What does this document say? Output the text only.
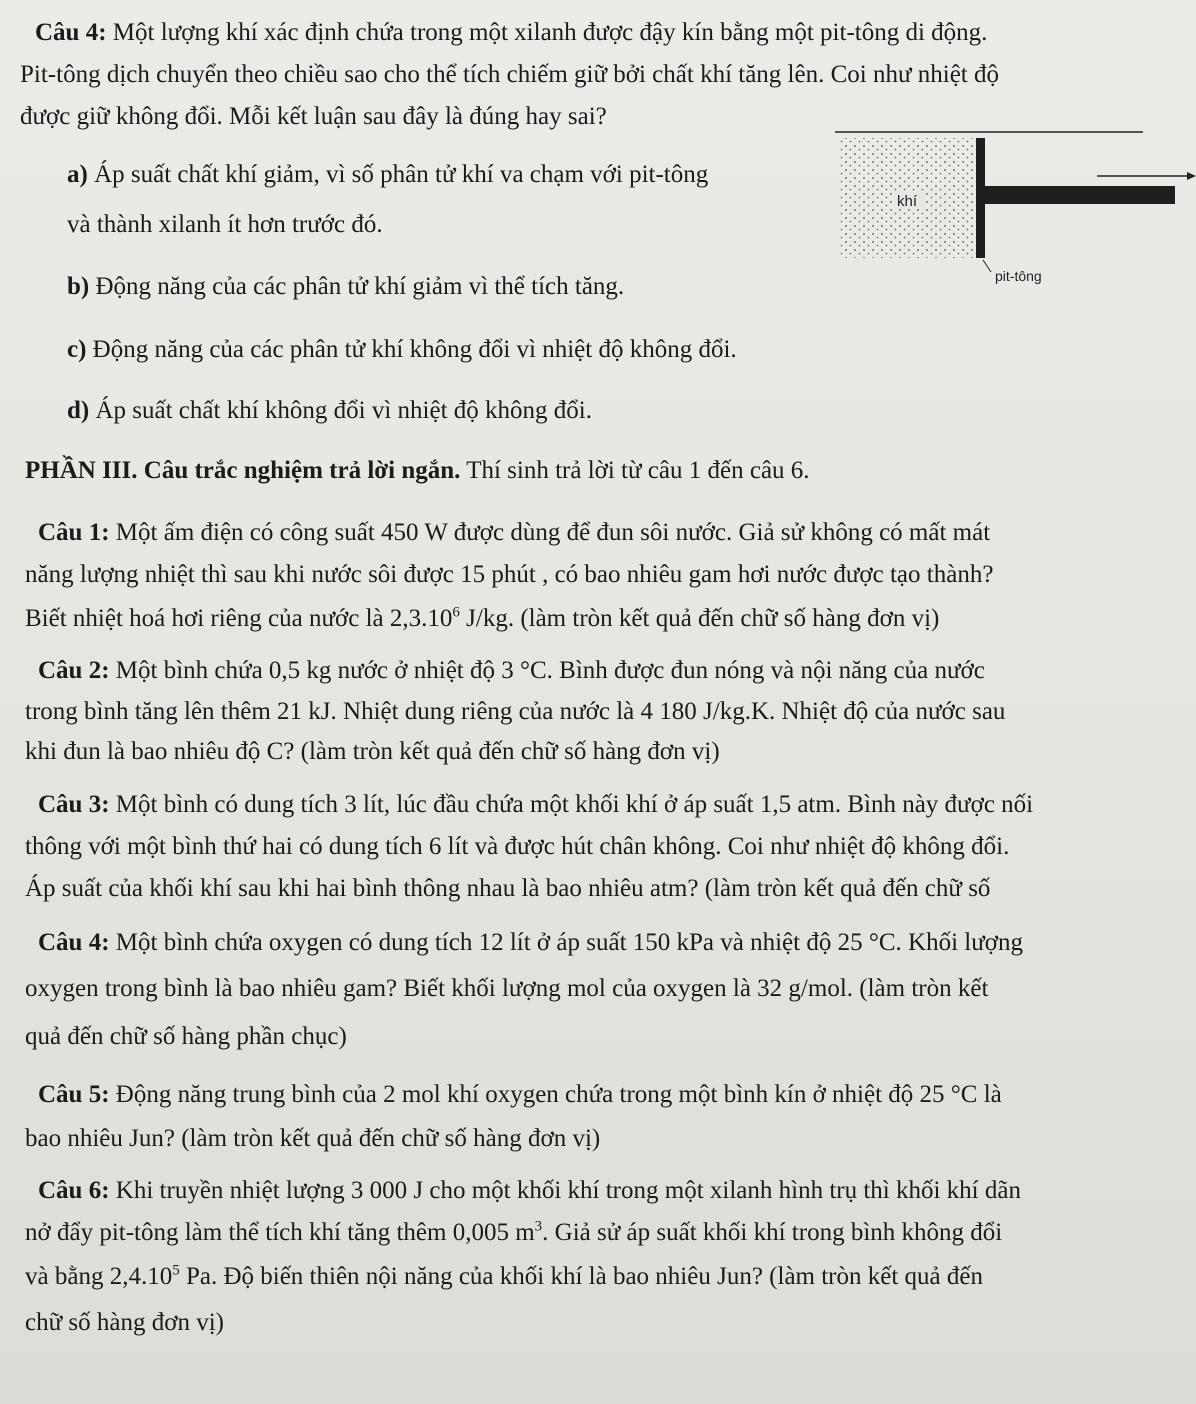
Câu 4: Một lượng khí xác định chứa trong một xilanh được đậy kín bằng một pit-tông di động.
Pit-tông dịch chuyển theo chiều sao cho thể tích chiếm giữ bởi chất khí tăng lên. Coi như nhiệt độ
được giữ không đổi. Mỗi kết luận sau đây là đúng hay sai?
a) Áp suất chất khí giảm, vì số phân tử khí va chạm với pit-tông
và thành xilanh ít hơn trước đó.
b) Động năng của các phân tử khí giảm vì thể tích tăng.
c) Động năng của các phân tử khí không đổi vì nhiệt độ không đổi.
d) Áp suất chất khí không đổi vì nhiệt độ không đổi.
khí
pit-tông
PHẦN III. Câu trắc nghiệm trả lời ngắn. Thí sinh trả lời từ câu 1 đến câu 6.
Câu 1: Một ấm điện có công suất 450 W được dùng để đun sôi nước. Giả sử không có mất mát
năng lượng nhiệt thì sau khi nước sôi được 15 phút , có bao nhiêu gam hơi nước được tạo thành?
Biết nhiệt hoá hơi riêng của nước là 2,3.10$^6$ J/kg. (làm tròn kết quả đến chữ số hàng đơn vị)
Câu 2: Một bình chứa 0,5 kg nước ở nhiệt độ 3 °C. Bình được đun nóng và nội năng của nước
trong bình tăng lên thêm 21 kJ. Nhiệt dung riêng của nước là 4 180 J/kg.K. Nhiệt độ của nước sau
khi đun là bao nhiêu độ C? (làm tròn kết quả đến chữ số hàng đơn vị)
Câu 3: Một bình có dung tích 3 lít, lúc đầu chứa một khối khí ở áp suất 1,5 atm. Bình này được nối
thông với một bình thứ hai có dung tích 6 lít và được hút chân không. Coi như nhiệt độ không đổi.
Áp suất của khối khí sau khi hai bình thông nhau là bao nhiêu atm? (làm tròn kết quả đến chữ số
Câu 4: Một bình chứa oxygen có dung tích 12 lít ở áp suất 150 kPa và nhiệt độ 25 °C. Khối lượng
oxygen trong bình là bao nhiêu gam? Biết khối lượng mol của oxygen là 32 g/mol. (làm tròn kết
quả đến chữ số hàng phần chục)
Câu 5: Động năng trung bình của 2 mol khí oxygen chứa trong một bình kín ở nhiệt độ 25 °C là
bao nhiêu Jun? (làm tròn kết quả đến chữ số hàng đơn vị)
Câu 6: Khi truyền nhiệt lượng 3 000 J cho một khối khí trong một xilanh hình trụ thì khối khí dãn
nở đẩy pit-tông làm thể tích khí tăng thêm 0,005 $m^3$. Giả sử áp suất khối khí trong bình không đổi
và bằng 2,4.10$^5$ Pa. Độ biến thiên nội năng của khối khí là bao nhiêu Jun? (làm tròn kết quả đến
chữ số hàng đơn vị)
